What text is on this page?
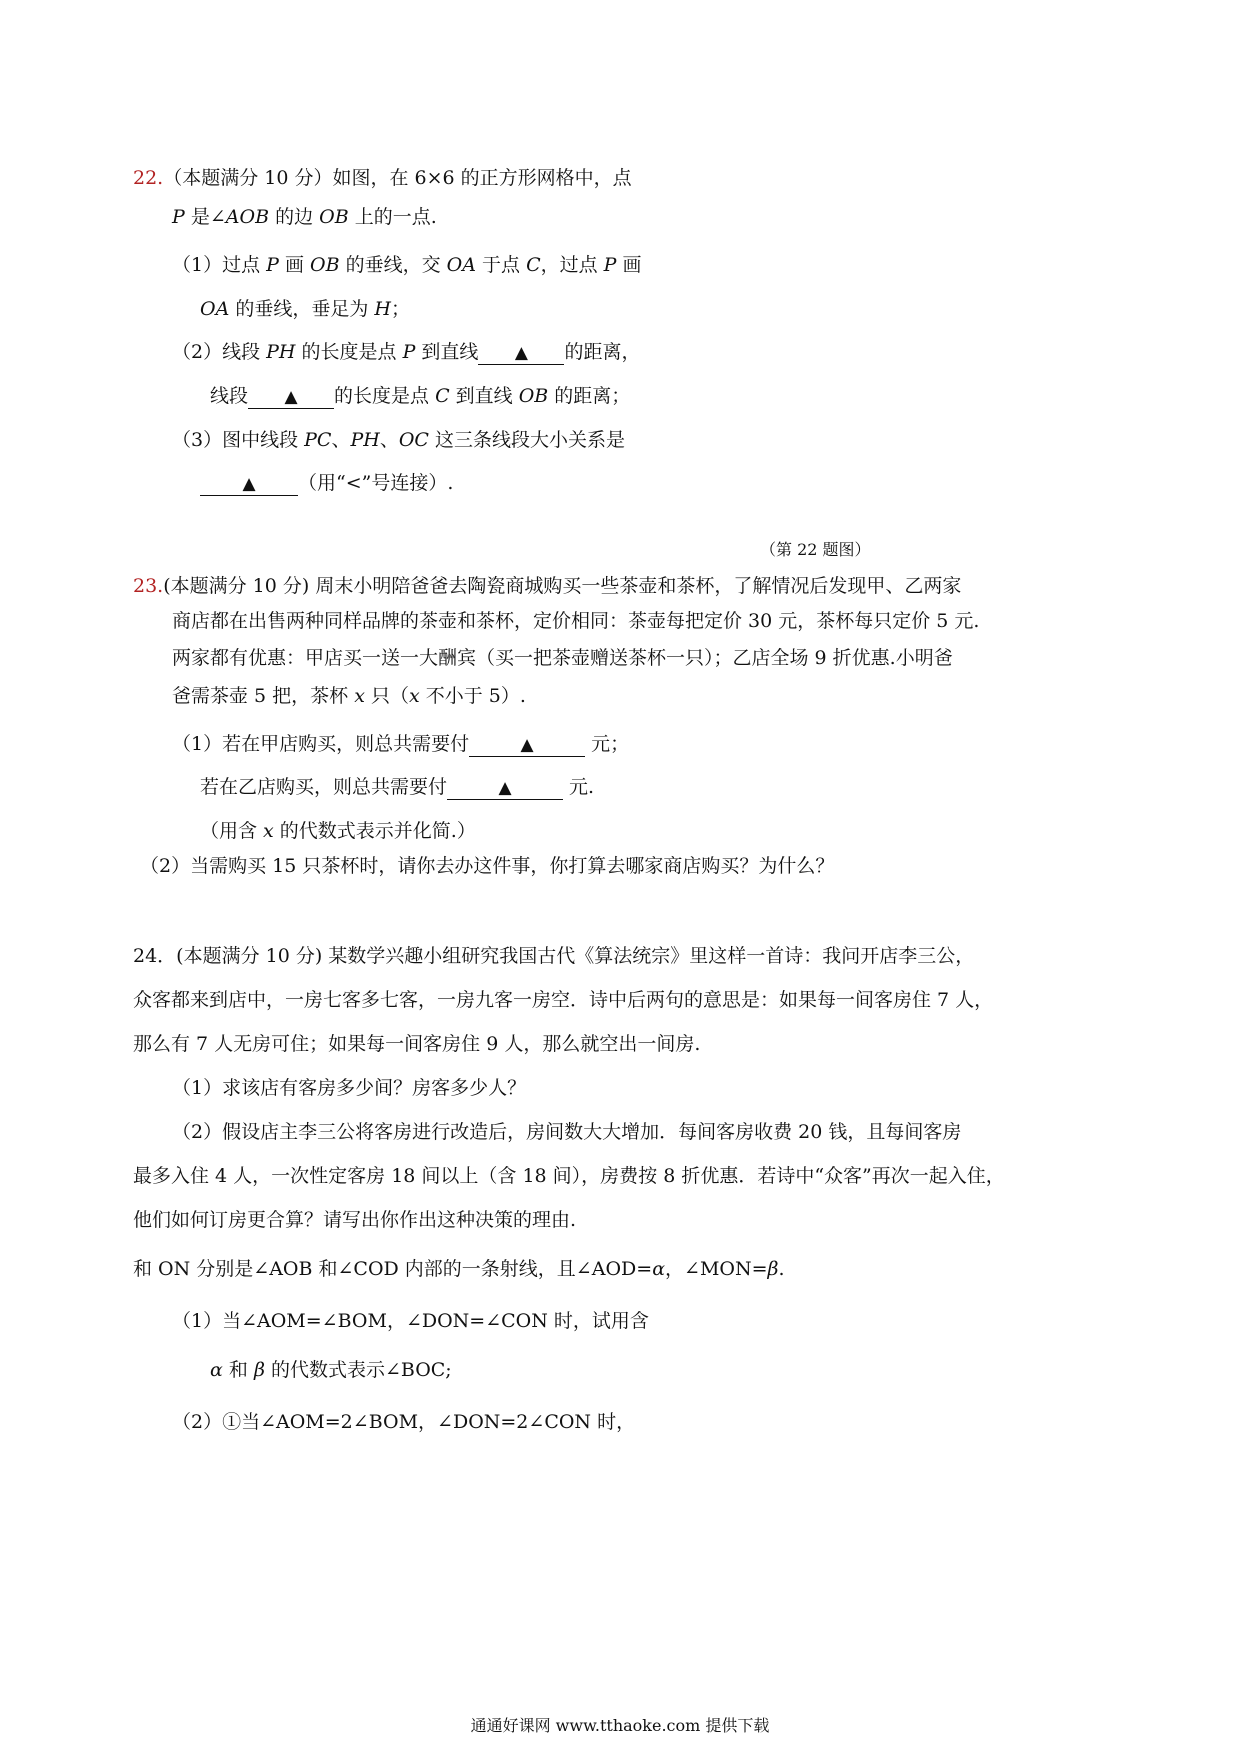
22.（本题满分 10 分）如图，在 6×6 的正方形网格中，点
P 是∠AOB 的边 OB 上的一点.
（1）过点 P 画 OB 的垂线，交 OA 于点 C，过点 P 画
OA 的垂线，垂足为 H；
（2）线段 PH 的长度是点 P 到直线 ▲ 的距离，
线段 ▲ 的长度是点 C 到直线 OB 的距离；
（3）图中线段 PC、PH、OC 这三条线段大小关系是
▲ （用“<”号连接）.
（第 22 题图）
23.(本题满分 10 分) 周末小明陪爸爸去陶瓷商城购买一些茶壶和茶杯，了解情况后发现甲、乙两家
商店都在出售两种同样品牌的茶壶和茶杯，定价相同：茶壶每把定价 30 元，茶杯每只定价 5 元.
两家都有优惠：甲店买一送一大酬宾（买一把茶壶赠送茶杯一只）；乙店全场 9 折优惠.小明爸
爸需茶壶 5 把，茶杯 x 只（x 不小于 5）.
（1）若在甲店购买，则总共需要付	▲	元；
若在乙店购买，则总共需要付	▲	元.
（用含 x 的代数式表示并化简.）
（2）当需购买 15 只茶杯时，请你去办这件事，你打算去哪家商店购买？为什么？
24．(本题满分 10 分) 某数学兴趣小组研究我国古代《算法统宗》里这样一首诗：我问开店李三公，
众客都来到店中，一房七客多七客，一房九客一房空．诗中后两句的意思是：如果每一间客房住 7 人，
那么有 7 人无房可住；如果每一间客房住 9 人，那么就空出一间房.
（1）求该店有客房多少间？房客多少人？
（2）假设店主李三公将客房进行改造后，房间数大大增加．每间客房收费 20 钱，且每间客房
最多入住 4 人，一次性定客房 18 间以上（含 18 间），房费按 8 折优惠．若诗中“众客”再次一起入住，
他们如何订房更合算？请写出你作出这种决策的理由.
和 ON 分别是∠AOB 和∠COD 内部的一条射线，且∠AOD=α，∠MON=β.
（1）当∠AOM=∠BOM，∠DON=∠CON 时，试用含
α 和 β 的代数式表示∠BOC;
（2）①当∠AOM=2∠BOM，∠DON=2∠CON 时，
通通好课网 www.tthaoke.com 提供下载
